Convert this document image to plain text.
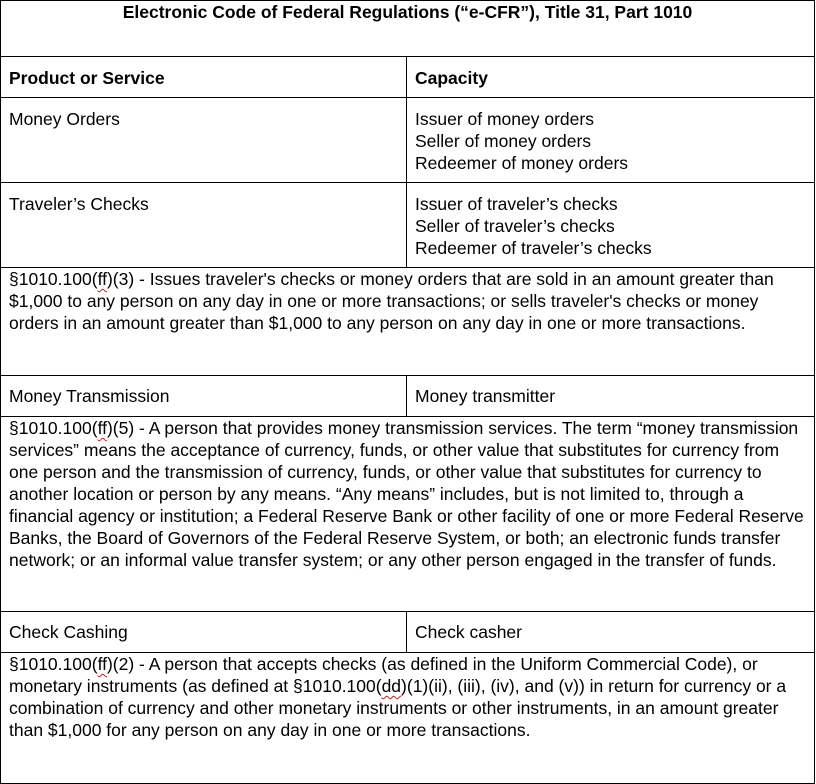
Electronic Code of Federal Regulations (“e-CFR”), Title 31, Part 1010	
Product or Service	Capacity
Money Orders	Issuer of money orders
Seller of money orders
Redeemer of money orders

Traveler’s Checks	Issuer of traveler’s checks
Seller of traveler’s checks
Redeemer of traveler’s checks

§1010.100(ff)(3) - Issues traveler's checks or money orders that are sold in an amount greater than $1,000 to any person on any day in one or more transactions; or sells traveler's checks or money orders in an amount greater than $1,000 to any person on any day in one or more transactions.	
Money Transmission	Money transmitter
§1010.100(ff)(5) - A person that provides money transmission services. The term “money transmission services” means the acceptance of currency, funds, or other value that substitutes for currency from one person and the transmission of currency, funds, or other value that substitutes for currency to another location or person by any means. “Any means” includes, but is not limited to, through a financial agency or institution; a Federal Reserve Bank or other facility of one or more Federal Reserve Banks, the Board of Governors of the Federal Reserve System, or both; an electronic funds transfer network; or an informal value transfer system; or any other person engaged in the transfer of funds.	
Check Cashing	Check casher
§1010.100(ff)(2) - A person that accepts checks (as defined in the Uniform Commercial Code), or monetary instruments (as defined at §1010.100(dd)(1)(ii), (iii), (iv), and (v)) in return for currency or a combination of currency and other monetary instruments or other instruments, in an amount greater than $1,000 for any person on any day in one or more transactions.	
